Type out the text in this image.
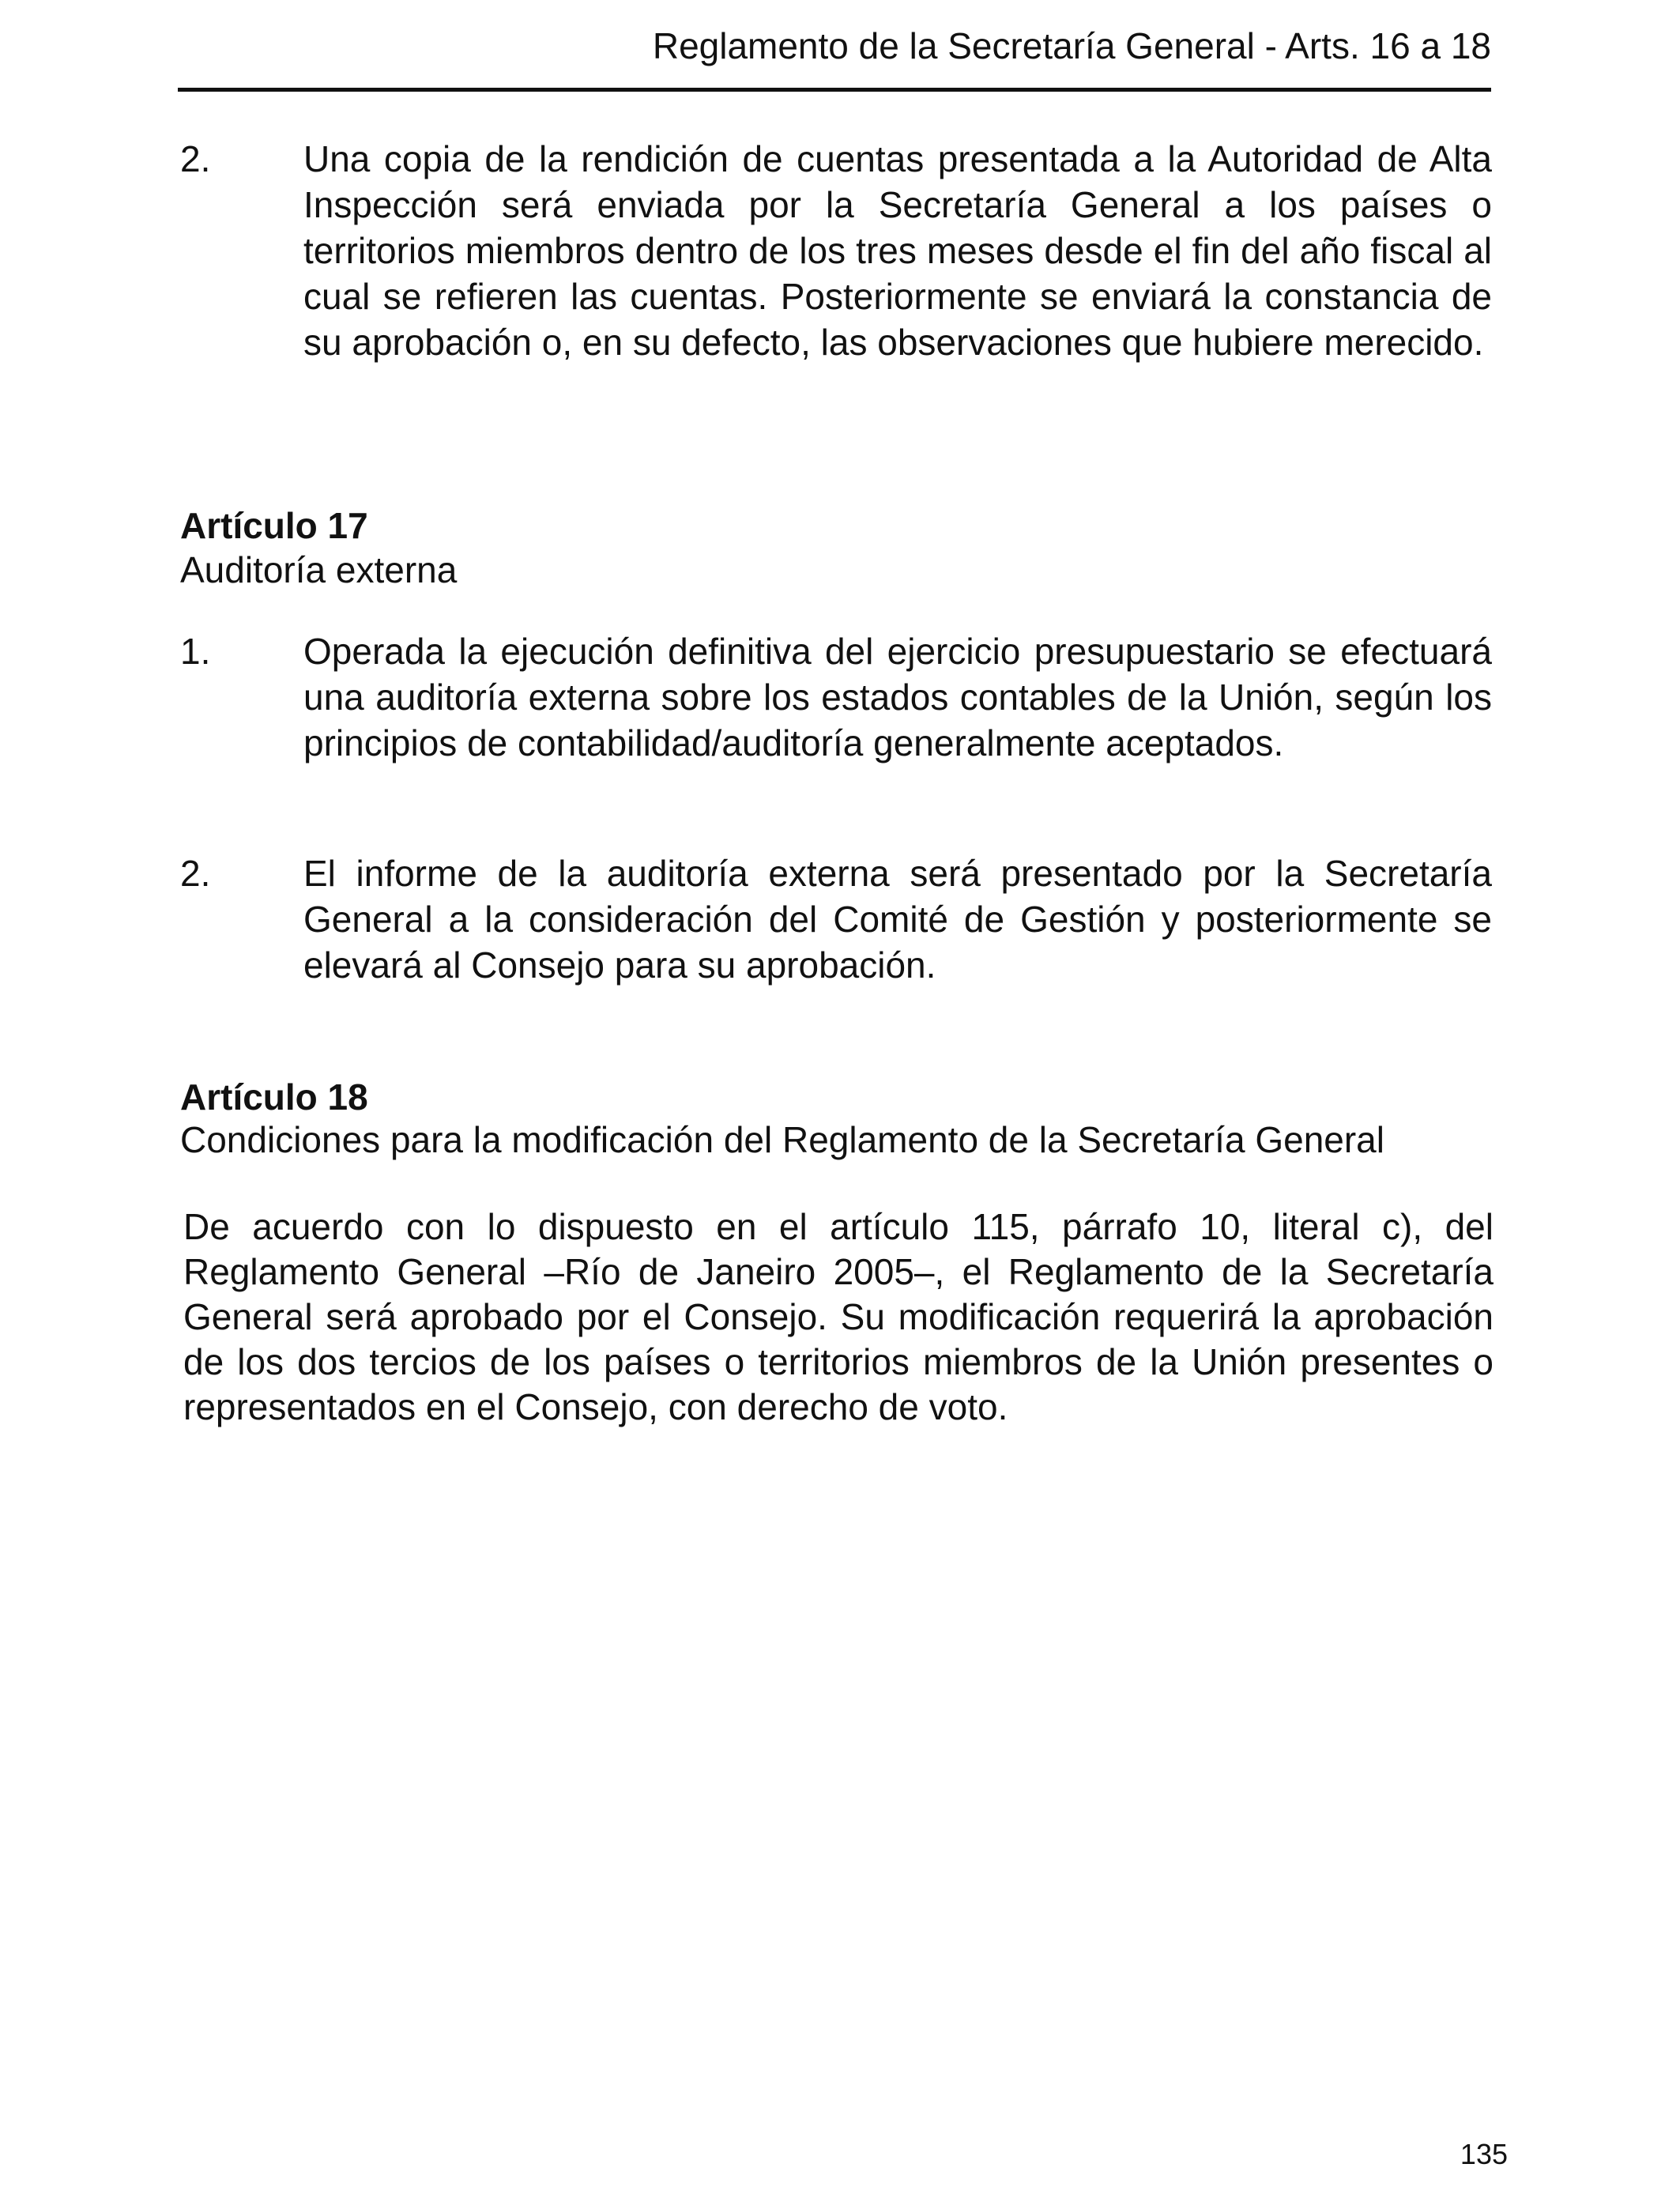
Reglamento de la Secretaría General - Arts. 16 a 18
2.	Una copia de la rendición de cuentas presentada a la Autoridad de Alta Inspección será enviada por la Secretaría General a los países o territorios miembros dentro de los tres meses desde el fin del año fiscal al cual se refieren las cuentas. Posteriormente se enviará la constancia de su aprobación o, en su defecto, las observaciones que hubiere merecido.
Artículo 17
Auditoría externa
1.	Operada la ejecución definitiva del ejercicio presupuestario se efectuará una auditoría externa sobre los estados contables de la Unión, según los principios de contabilidad/auditoría generalmente aceptados.
2.	El informe de la auditoría externa será presentado por la Secretaría General a la consideración del Comité de Gestión y posteriormente se elevará al Consejo para su aprobación.
Artículo 18
Condiciones para la modificación del Reglamento de la Secretaría General
De acuerdo con lo dispuesto en el artículo 115, párrafo 10, literal c), del Reglamento General –Río de Janeiro 2005–, el Reglamento de la Secretaría General será aprobado por el Consejo. Su modificación requerirá la aprobación de los dos tercios de los países o territorios miembros de la Unión presentes o representados en el Consejo, con derecho de voto.
135
